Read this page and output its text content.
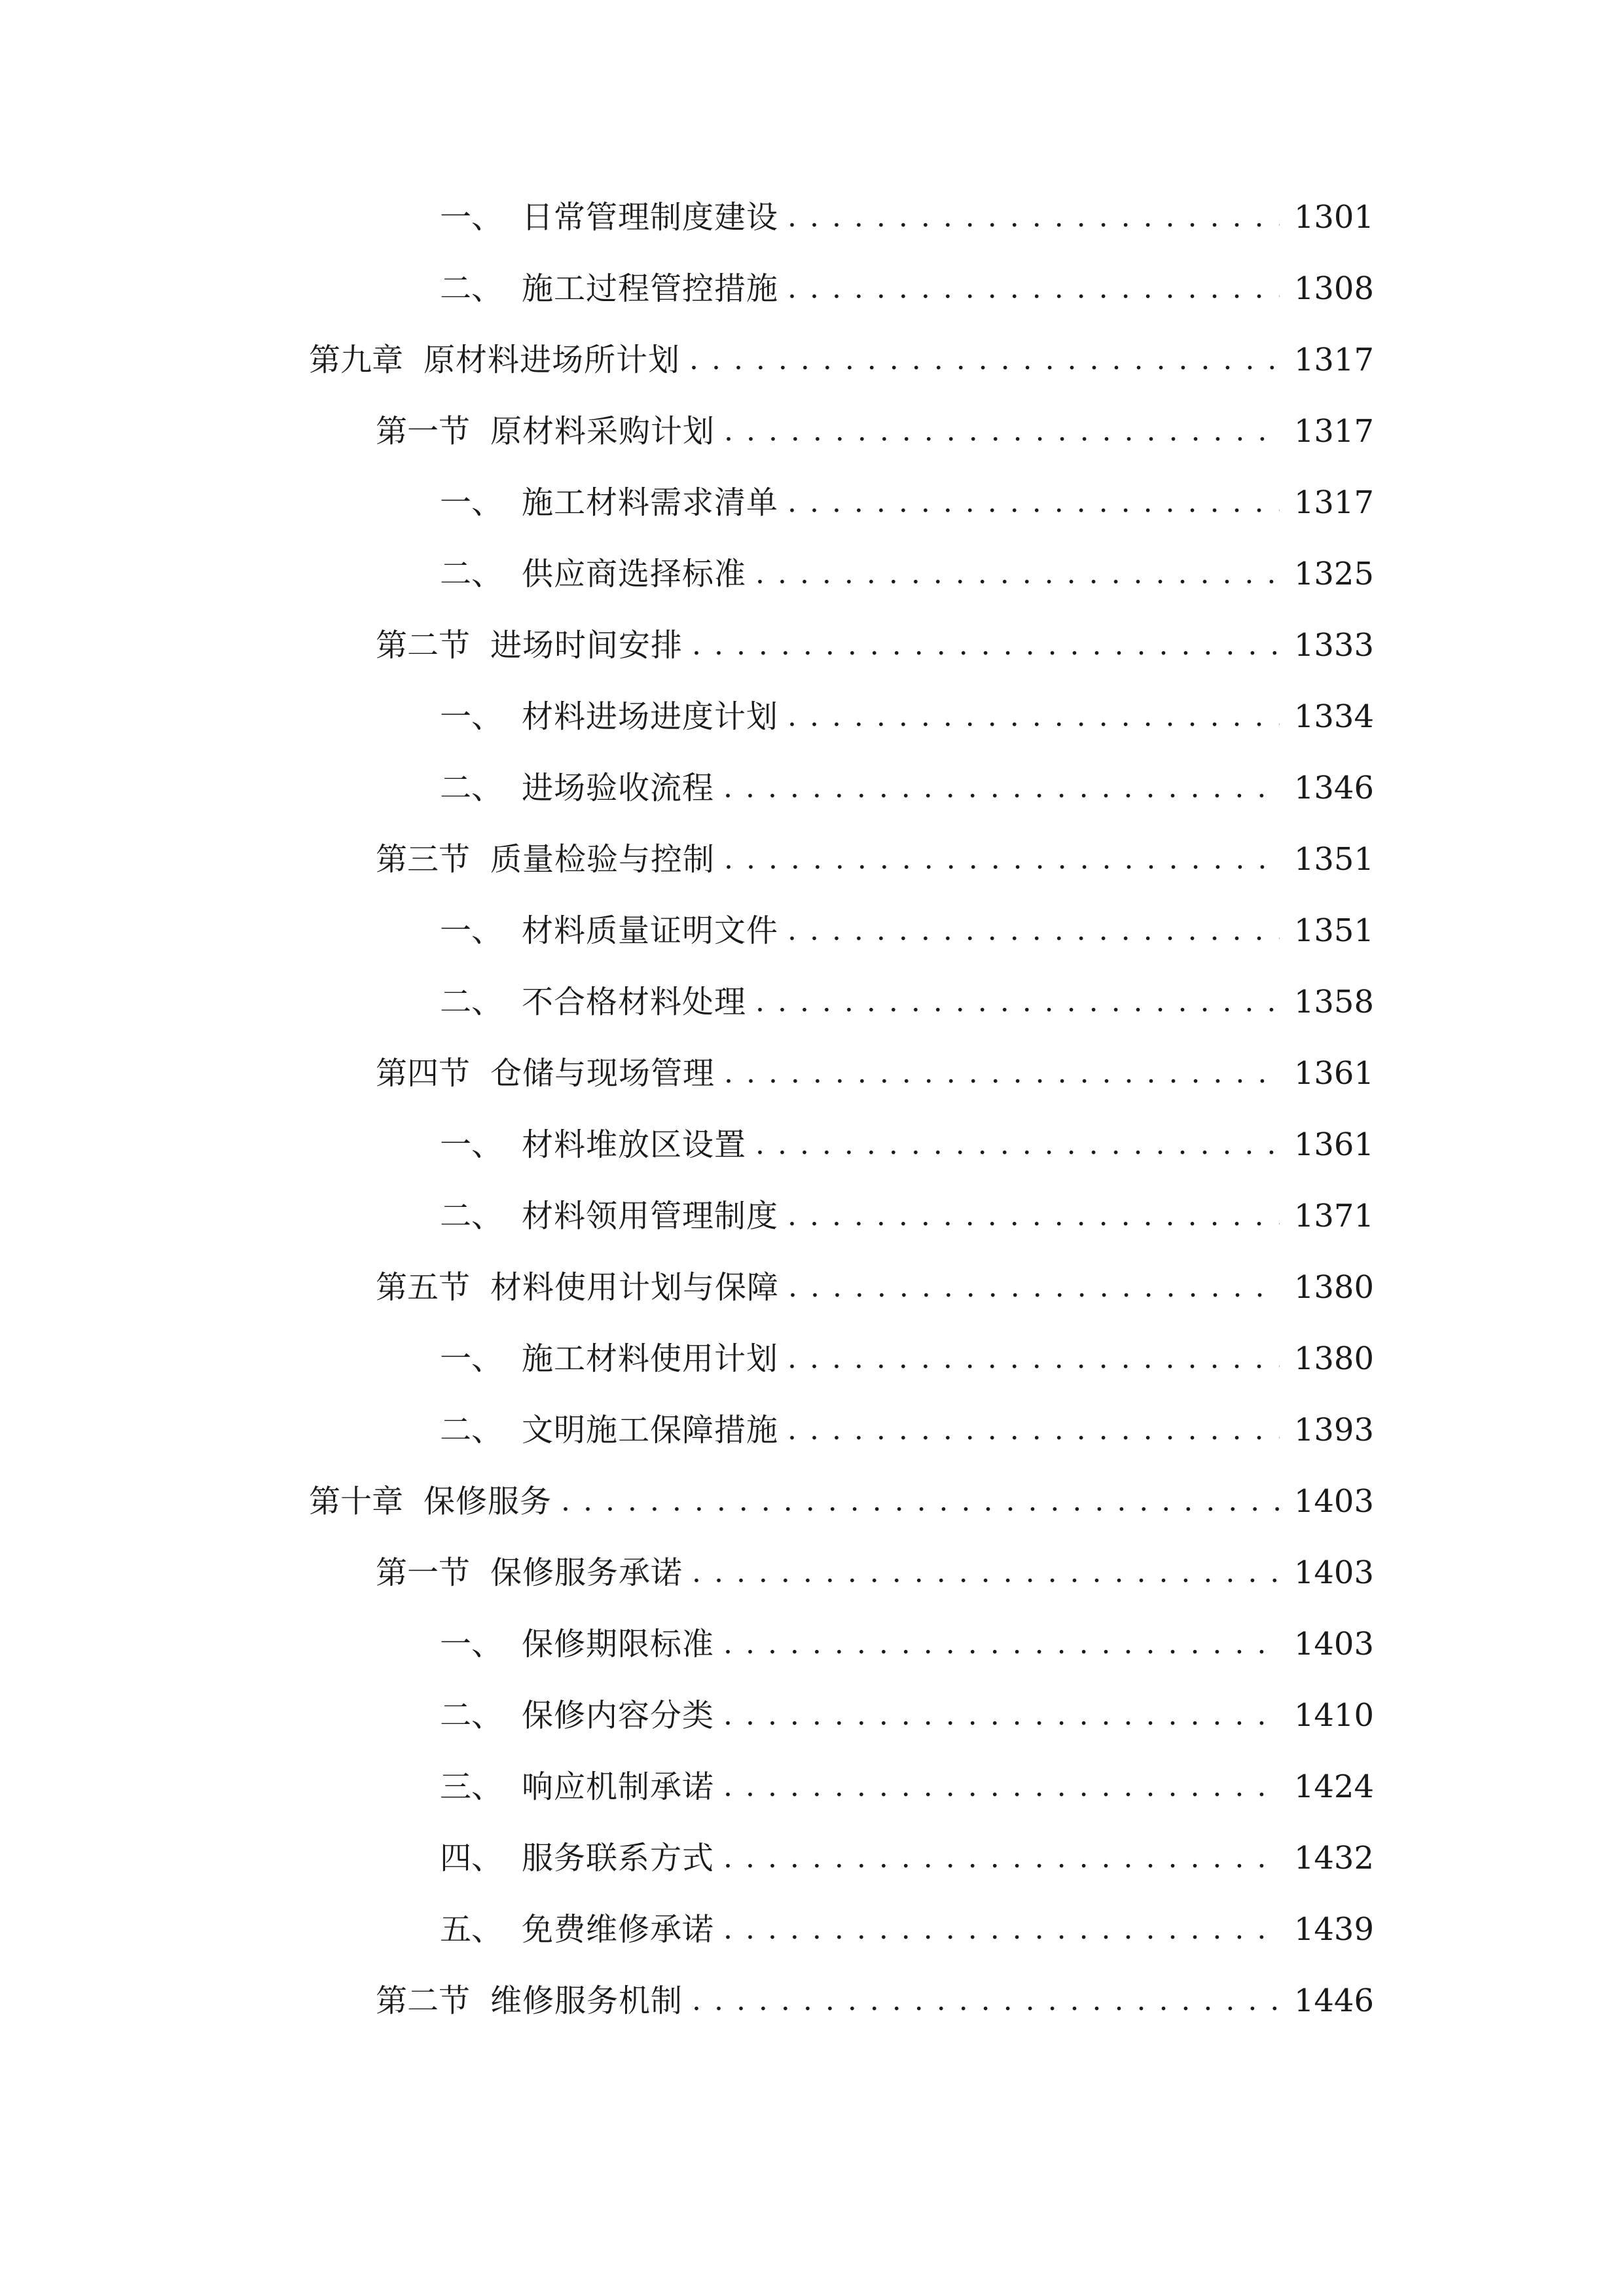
一、 日常管理制度建设 . . .	1301
二、 施工过程管控措施 . . .	1308
第九章 原材料进场所计划 . . .	1317
第一节 原材料采购计划 . . .	1317
一、 施工材料需求清单 . . .	1317
二、 供应商选择标准 . . .	1325
第二节 进场时间安排 . . .	1333
一、 材料进场进度计划 . . .	1334
二、 进场验收流程 . . .	1346
第三节 质量检验与控制 . . .	1351
一、 材料质量证明文件 . . .	1351
二、 不合格材料处理 . . .	1358
第四节 仓储与现场管理 . . .	1361
一、 材料堆放区设置 . . .	1361
二、 材料领用管理制度 . . .	1371
第五节 材料使用计划与保障 . . .	1380
一、 施工材料使用计划 . . .	1380
二、 文明施工保障措施 . . .	1393
第十章 保修服务 . . .	1403
第一节 保修服务承诺 . . .	1403
一、 保修期限标准 . . .	1403
二、 保修内容分类 . . .	1410
三、 响应机制承诺 . . .	1424
四、 服务联系方式 . . .	1432
五、 免费维修承诺 . . .	1439
第二节 维修服务机制 . . .	1446
